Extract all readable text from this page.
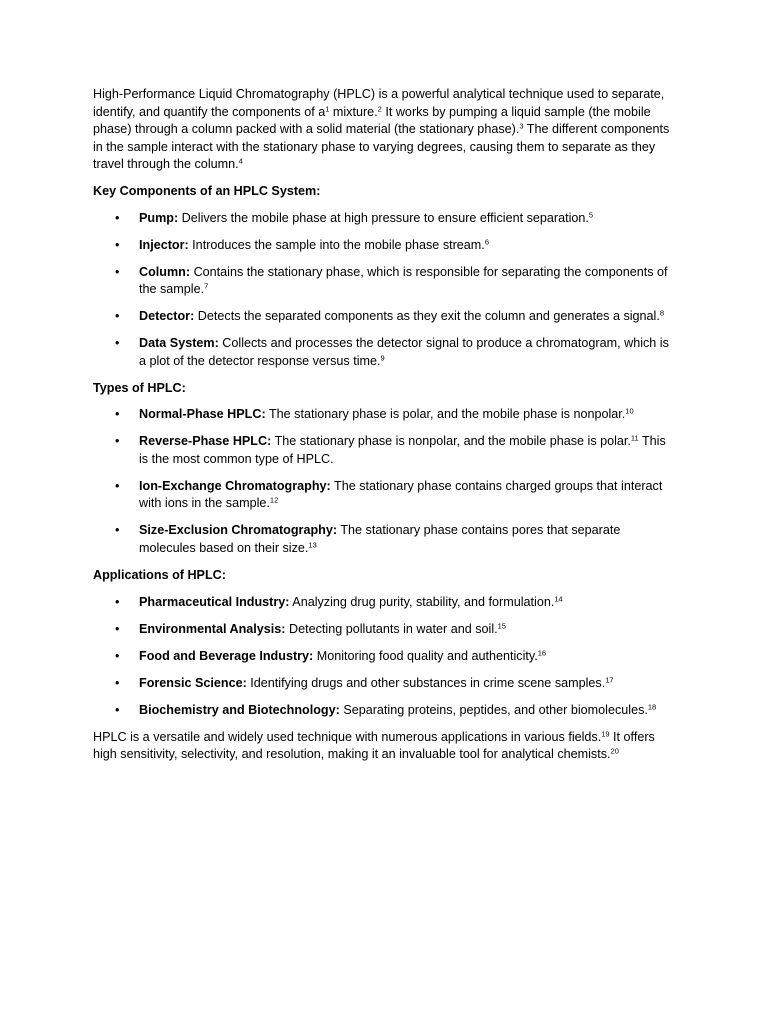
High-Performance Liquid Chromatography (HPLC) is a powerful analytical technique used to separate, identify, and quantify the components of $a^1$ mixture.$^2$ It works by pumping a liquid sample (the mobile phase) through a column packed with a solid material (the stationary phase).$^3$ The different components in the sample interact with the stationary phase to varying degrees, causing them to separate as they travel through the column.$^4$

Key Components of an HPLC System:

• Pump: Delivers the mobile phase at high pressure to ensure efficient separation.$^5$
• Injector: Introduces the sample into the mobile phase stream.$^6$
• Column: Contains the stationary phase, which is responsible for separating the components of the sample.$^7$
• Detector: Detects the separated components as they exit the column and generates a signal.$^8$
• Data System: Collects and processes the detector signal to produce a chromatogram, which is a plot of the detector response versus time.$^9$

Types of HPLC:

• Normal-Phase HPLC: The stationary phase is polar, and the mobile phase is nonpolar.$^{10}$
• Reverse-Phase HPLC: The stationary phase is nonpolar, and the mobile phase is polar.$^{11}$ This is the most common type of HPLC.
• Ion-Exchange Chromatography: The stationary phase contains charged groups that interact with ions in the sample.$^{12}$
• Size-Exclusion Chromatography: The stationary phase contains pores that separate molecules based on their size.$^{13}$

Applications of HPLC:

• Pharmaceutical Industry: Analyzing drug purity, stability, and formulation.$^{14}$
• Environmental Analysis: Detecting pollutants in water and soil.$^{15}$
• Food and Beverage Industry: Monitoring food quality and authenticity.$^{16}$
• Forensic Science: Identifying drugs and other substances in crime scene samples.$^{17}$
• Biochemistry and Biotechnology: Separating proteins, peptides, and other biomolecules.$^{18}$

HPLC is a versatile and widely used technique with numerous applications in various fields.$^{19}$ It offers high sensitivity, selectivity, and resolution, making it an invaluable tool for analytical chemists.$^{20}$
